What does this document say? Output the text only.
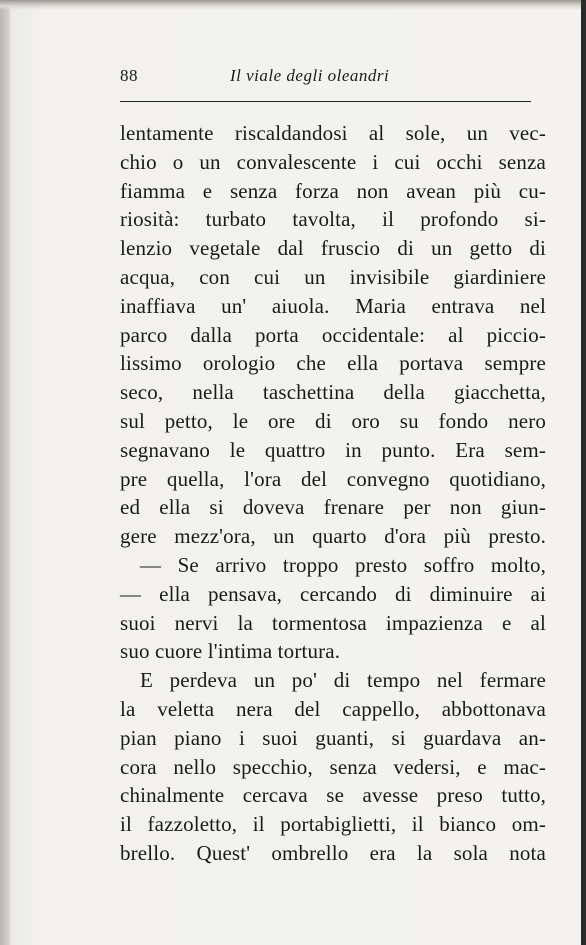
88	Il viale degli oleandri
lentamente riscaldandosi al sole, un vec-
chio o un convalescente i cui occhi senza
fiamma e senza forza non avean più cu-
riosità: turbato tavolta, il profondo si-
lenzio vegetale dal fruscio di un getto di
acqua, con cui un invisibile giardiniere
inaffiava un' aiuola. Maria entrava nel
parco dalla porta occidentale: al piccio-
lissimo orologio che ella portava sempre
seco, nella taschettina della giacchetta,
sul petto, le ore di oro su fondo nero
segnavano le quattro in punto. Era sem-
pre quella, l'ora del convegno quotidiano,
ed ella si doveva frenare per non giun-
gere mezz'ora, un quarto d'ora più presto.
— Se arrivo troppo presto soffro molto,
— ella pensava, cercando di diminuire ai
suoi nervi la tormentosa impazienza e al
suo cuore l'intima tortura.
E perdeva un po' di tempo nel fermare
la veletta nera del cappello, abbottonava
pian piano i suoi guanti, si guardava an-
cora nello specchio, senza vedersi, e mac-
chinalmente cercava se avesse preso tutto,
il fazzoletto, il portabiglietti, il bianco om-
brello. Quest' ombrello era la sola nota
